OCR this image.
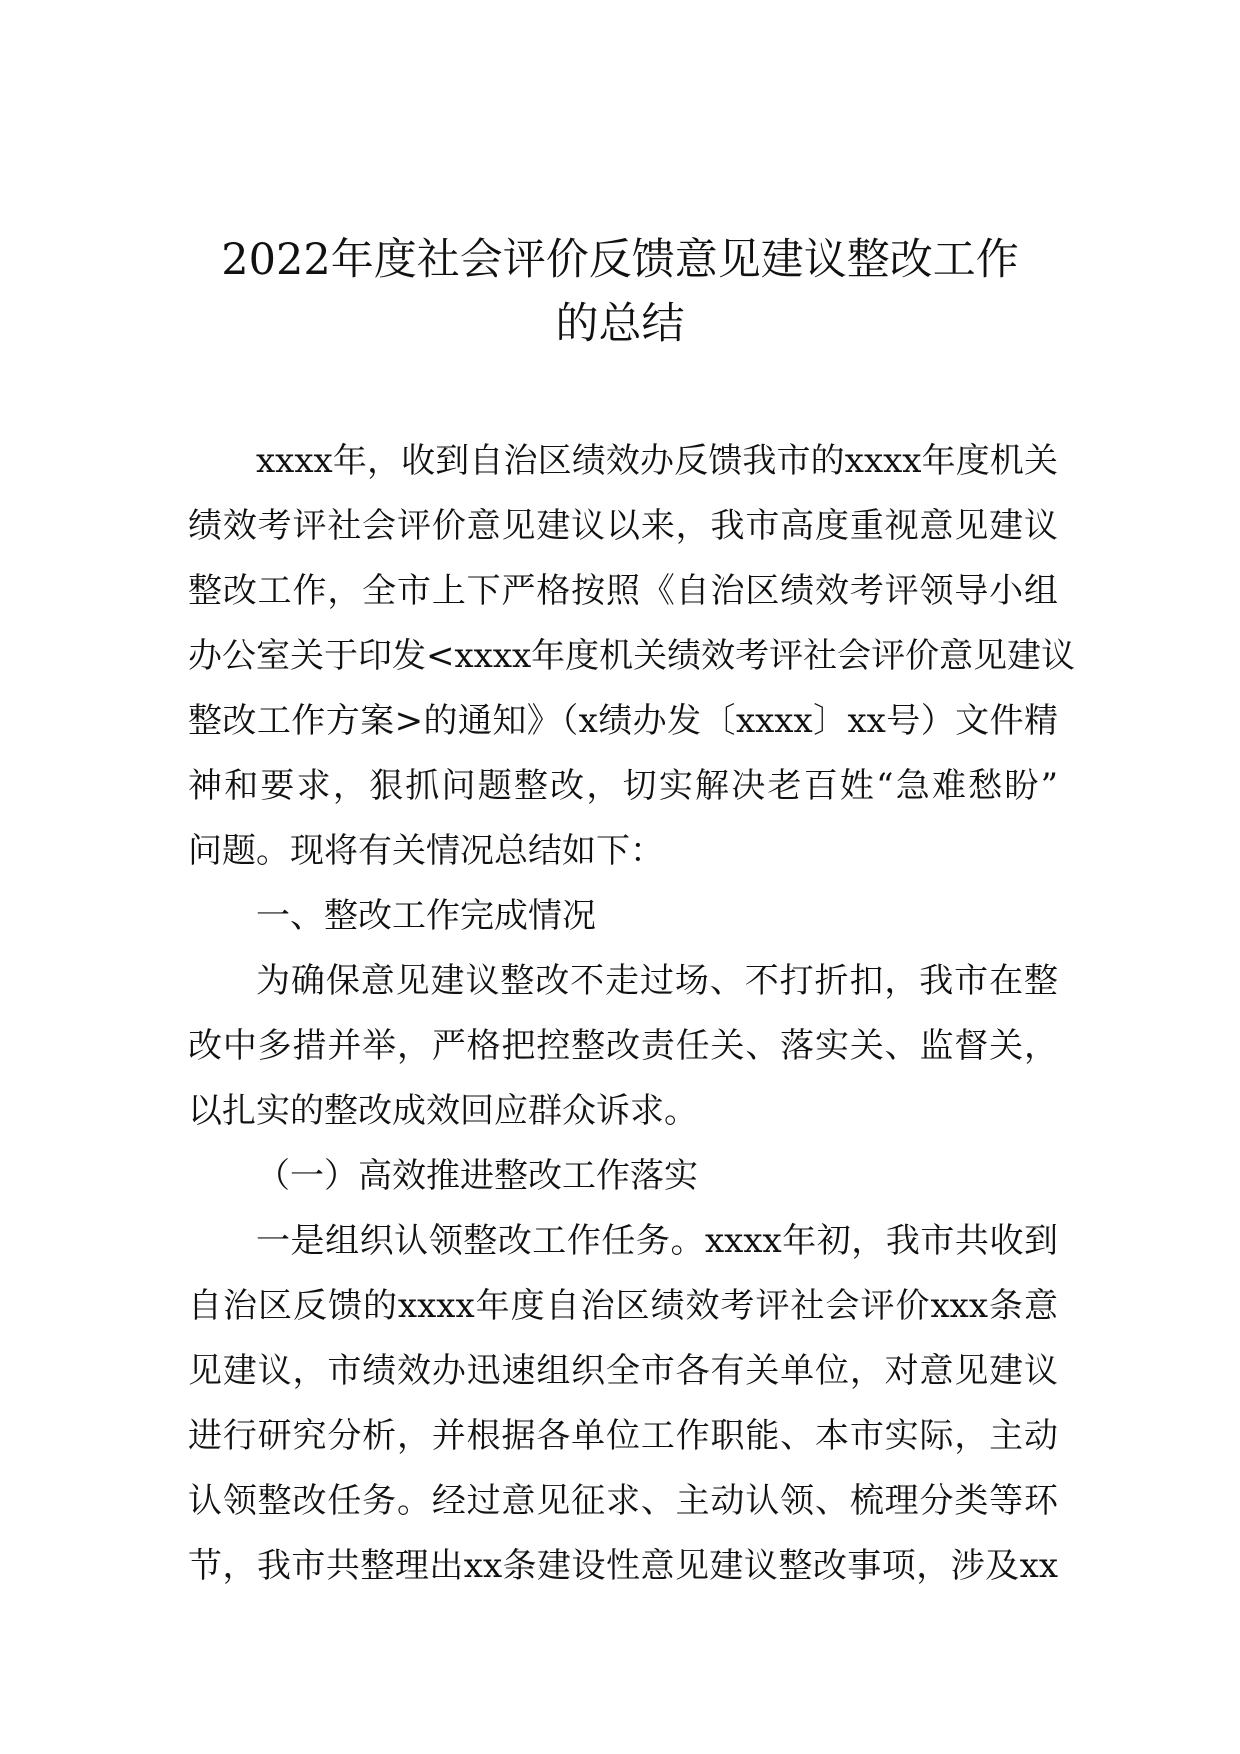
2022年度社会评价反馈意见建议整改工作
的总结

xxxx年，收到自治区绩效办反馈我市的xxxx年度机关

绩效考评社会评价意见建议以来，我市高度重视意见建议

整改工作，全市上下严格按照《自治区绩效考评领导小组

办公室关于印发<xxxx年度机关绩效考评社会评价意见建议

整改工作方案>的通知》（x绩办发〔xxxx〕xx号）文件精

神和要求，狠抓问题整改，切实解决老百姓“急难愁盼”

问题。现将有关情况总结如下：

一、整改工作完成情况

为确保意见建议整改不走过场、不打折扣，我市在整

改中多措并举，严格把控整改责任关、落实关、监督关，

以扎实的整改成效回应群众诉求。

（一）高效推进整改工作落实

一是组织认领整改工作任务。xxxx年初，我市共收到

自治区反馈的xxxx年度自治区绩效考评社会评价xxx条意

见建议，市绩效办迅速组织全市各有关单位，对意见建议

进行研究分析，并根据各单位工作职能、本市实际，主动

认领整改任务。经过意见征求、主动认领、梳理分类等环

节，我市共整理出xx条建设性意见建议整改事项，涉及xx
